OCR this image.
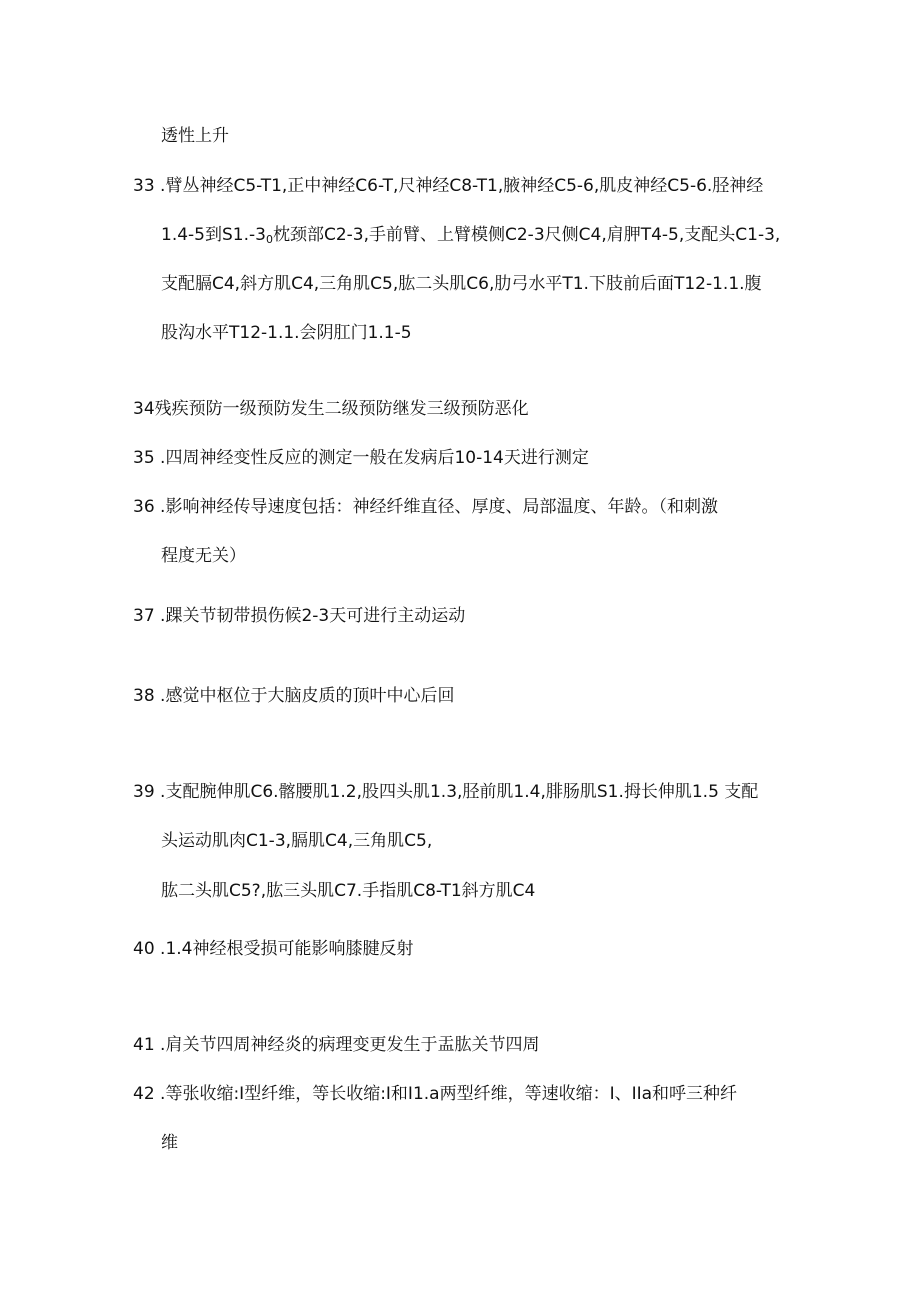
透性上升
33 .臂丛神经C5-T1,正中神经C6-T,尺神经C8-T1,腋神经C5-6,肌皮神经C5-6.胫神经
1.4-5到$S1.-3_0$枕颈部C2-3,手前臂、上臂模侧C2-3尺侧C4,肩胛T4-5,支配头C1-3,
支配膈C4,斜方肌C4,三角肌C5,肱二头肌C6,肋弓水平T1.下肢前后面T12-1.1.腹
股沟水平T12-1.1.会阴肛门1.1-5
34残疾预防一级预防发生二级预防继发三级预防恶化
35 .四周神经变性反应的测定一般在发病后10-14天进行测定
36 .影响神经传导速度包括：神经纤维直径、厚度、局部温度、年龄。（和刺激
程度无关）
37 .踝关节韧带损伤候2-3天可进行主动运动
38 .感觉中枢位于大脑皮质的顶叶中心后回
39 .支配腕伸肌C6.髂腰肌1.2,股四头肌1.3,胫前肌1.4,腓肠肌S1.拇长伸肌1.5 支配
头运动肌肉C1-3,膈肌C4,三角肌C5,
肱二头肌C5?,肱三头肌C7.手指肌C8-T1斜方肌C4
40 .1.4神经根受损可能影响膝腱反射
41 .肩关节四周神经炎的病理变更发生于盂肱关节四周
42 .等张收缩:I型纤维，等长收缩:I和I1.a两型纤维，等速收缩：I、IIa和呼三种纤
维
